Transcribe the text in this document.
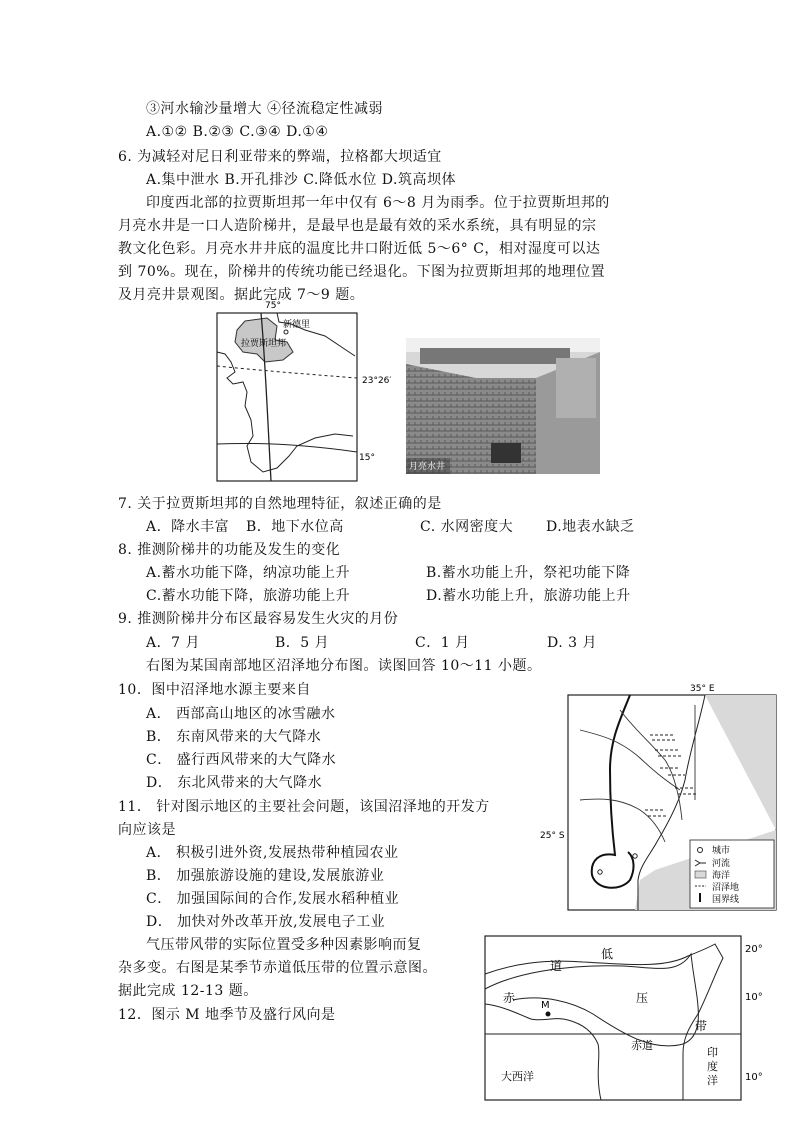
③河水输沙量增大 ④径流稳定性减弱
A.①② B.②③ C.③④ D.①④
6. 为减轻对尼日利亚带来的弊端，拉格都大坝适宜
A.集中泄水 B.开孔排沙 C.降低水位 D.筑高坝体
印度西北部的拉贾斯坦邦一年中仅有 6～8 月为雨季。位于拉贾斯坦邦的
月亮水井是一口人造阶梯井，是最早也是最有效的采水系统，具有明显的宗
教文化色彩。月亮水井井底的温度比井口附近低 5～6° C，相对湿度可以达
到 70%。现在，阶梯井的传统功能已经退化。下图为拉贾斯坦邦的地理位置
及月亮井景观图。据此完成 7～9 题。
75°
新德里
拉贾斯坦邦
23°26′
15°
月亮水井
7. 关于拉贾斯坦邦的自然地理特征，叙述正确的是
A．降水丰富 B．地下水位高	C. 水网密度大 D.地表水缺乏
8. 推测阶梯井的功能及发生的变化
A.蓄水功能下降，纳凉功能上升	B.蓄水功能上升，祭祀功能下降
C.蓄水功能下降，旅游功能上升	D.蓄水功能上升，旅游功能上升
9. 推测阶梯井分布区最容易发生火灾的月份
A．7 月	B．5 月	C．1 月	D. 3 月
右图为某国南部地区沼泽地分布图。读图回答 10～11 小题。
10．图中沼泽地水源主要来自
A． 西部高山地区的冰雪融水
B． 东南风带来的大气降水
C． 盛行西风带来的大气降水
D． 东北风带来的大气降水
11． 针对图示地区的主要社会问题，该国沼泽地的开发方
向应该是
A． 积极引进外资,发展热带种植园农业
B． 加强旅游设施的建设,发展旅游业
C． 加强国际间的合作,发展水稻种植业
D． 加快对外改革开放,发展电子工业
35° E
25° S
城市
河流
海洋
沼泽地
国界线
气压带风带的实际位置受多种因素影响而复
杂多变。右图是某季节赤道低压带的位置示意图。
据此完成 12-13 题。
12．图示 M 地季节及盛行风向是
赤
道
低
压
带
M
赤道
大西洋
印
度
洋
20°
10°
10°
